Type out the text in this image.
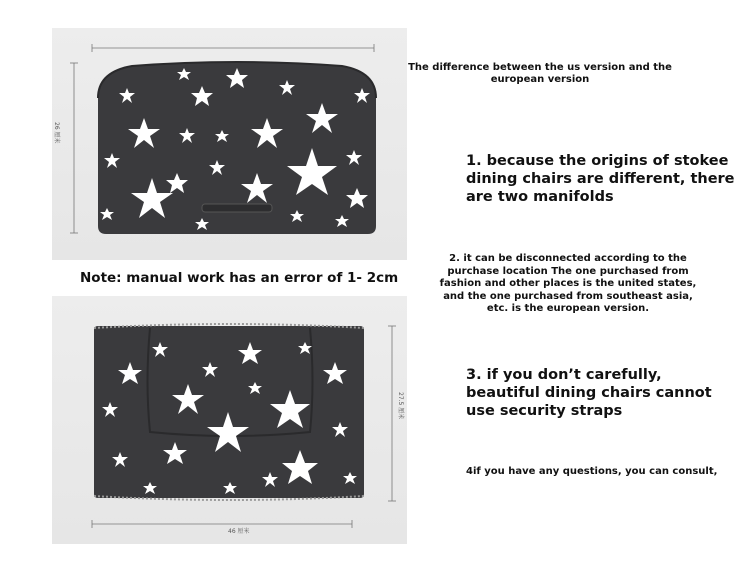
26 厘米
27.5 厘米
46 厘米
Note: manual work has an error of 1- 2cm
The difference between the us version and the european version
1. because the origins of stokee dining chairs are different, there are two manifolds
2. it can be disconnected according to the purchase location The one purchased from fashion and other places is the united states, and the one purchased from southeast asia, etc. is the european version.
3. if you don’t carefully, beautiful dining chairs cannot use security straps
4if you have any questions, you can consult,
